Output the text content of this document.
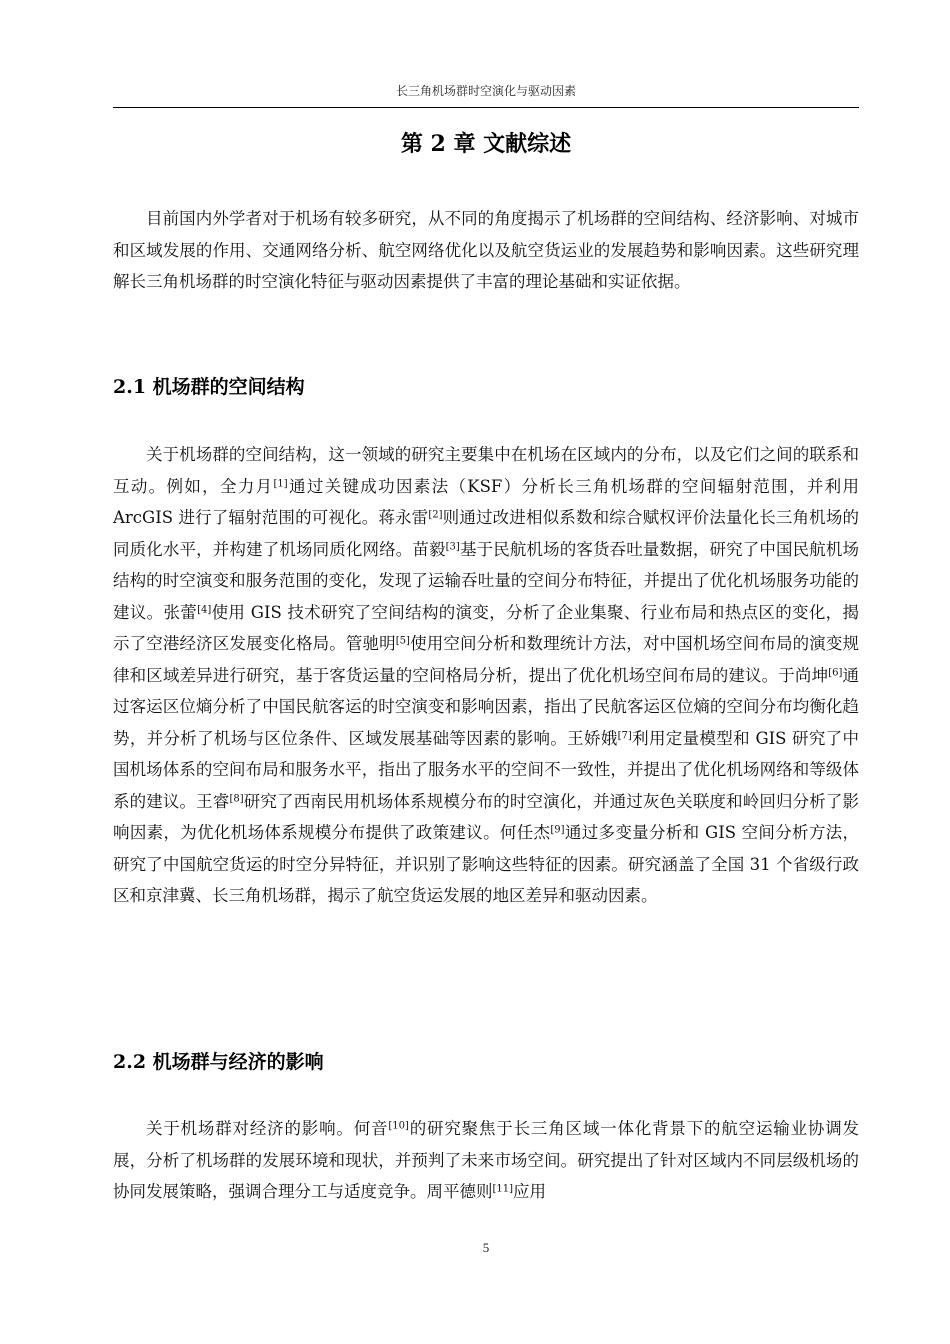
长三角机场群时空演化与驱动因素
第 2 章 文献综述

目前国内外学者对于机场有较多研究，从不同的角度揭示了机场群的空间结构、经济影响、对城市和区域发展的作用、交通网络分析、航空网络优化以及航空货运业的发展趋势和影响因素。这些研究理解长三角机场群的时空演化特征与驱动因素提供了丰富的理论基础和实证依据。

2.1 机场群的空间结构

关于机场群的空间结构，这一领域的研究主要集中在机场在区域内的分布，以及它们之间的联系和互动。例如，全力月[1]通过关键成功因素法（KSF）分析长三角机场群的空间辐射范围，并利用 ArcGIS 进行了辐射范围的可视化。蒋永雷[2]则通过改进相似系数和综合赋权评价法量化长三角机场的同质化水平，并构建了机场同质化网络。苗毅[3]基于民航机场的客货吞吐量数据，研究了中国民航机场结构的时空演变和服务范围的变化，发现了运输吞吐量的空间分布特征，并提出了优化机场服务功能的建议。张蕾[4]使用 GIS 技术研究了空间结构的演变，分析了企业集聚、行业布局和热点区的变化，揭示了空港经济区发展变化格局。管驰明[5]使用空间分析和数理统计方法，对中国机场空间布局的演变规律和区域差异进行研究，基于客货运量的空间格局分析，提出了优化机场空间布局的建议。于尚坤[6]通过客运区位熵分析了中国民航客运的时空演变和影响因素，指出了民航客运区位熵的空间分布均衡化趋势，并分析了机场与区位条件、区域发展基础等因素的影响。王娇娥[7]利用定量模型和 GIS 研究了中国机场体系的空间布局和服务水平，指出了服务水平的空间不一致性，并提出了优化机场网络和等级体系的建议。王睿[8]研究了西南民用机场体系规模分布的时空演化，并通过灰色关联度和岭回归分析了影响因素，为优化机场体系规模分布提供了政策建议。何任杰[9]通过多变量分析和 GIS 空间分析方法，研究了中国航空货运的时空分异特征，并识别了影响这些特征的因素。研究涵盖了全国 31 个省级行政区和京津冀、长三角机场群，揭示了航空货运发展的地区差异和驱动因素。

2.2 机场群与经济的影响

关于机场群对经济的影响。何音[10]的研究聚焦于长三角区域一体化背景下的航空运输业协调发展，分析了机场群的发展环境和现状，并预判了未来市场空间。研究提出了针对区域内不同层级机场的协同发展策略，强调合理分工与适度竞争。周平德则[11]应用

5
